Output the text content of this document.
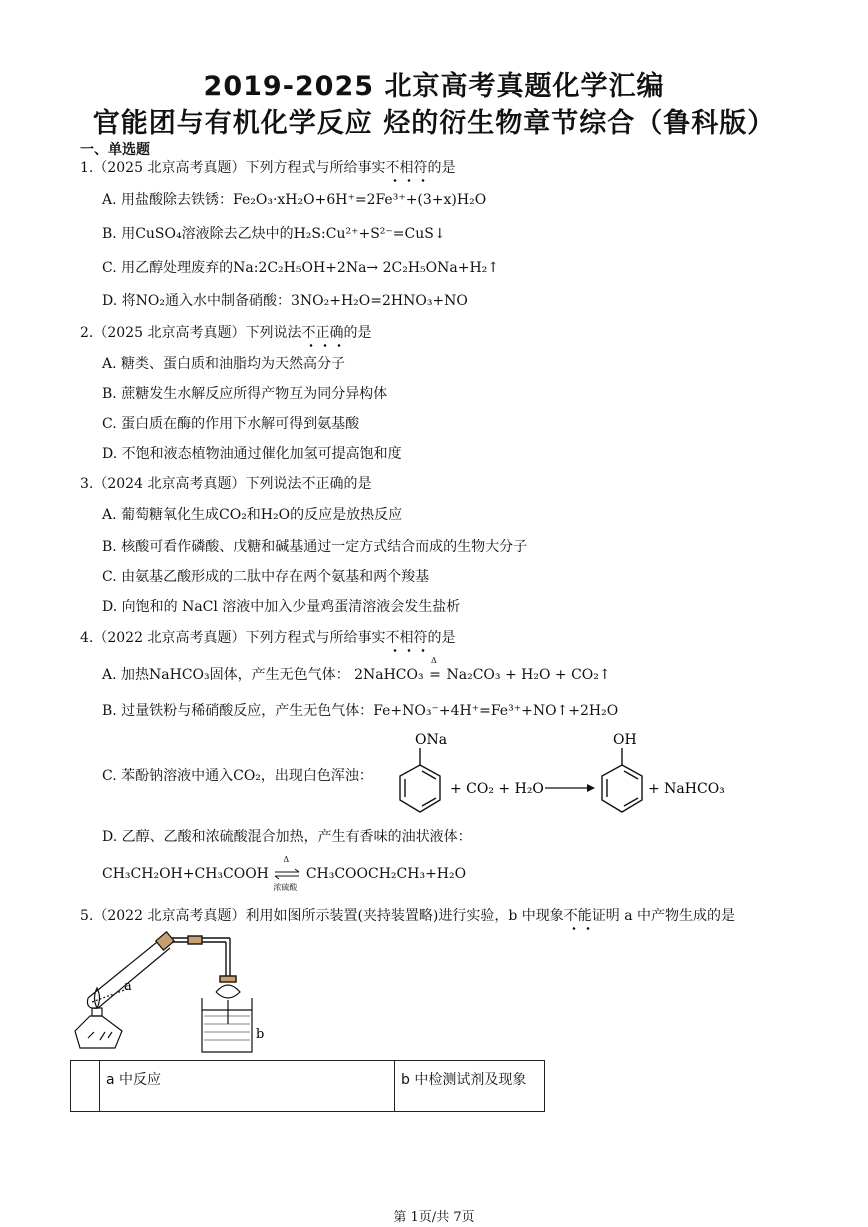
2019-2025 北京高考真题化学汇编
官能团与有机化学反应 烃的衍生物章节综合（鲁科版）
一、单选题
1.（2025 北京高考真题）下列方程式与所给事实不相符的是
A. 用盐酸除去铁锈：Fe₂O₃·xH₂O+6H⁺=2Fe³⁺+(3+x)H₂O
B. 用CuSO₄溶液除去乙炔中的H₂S:Cu²⁺+S²⁻=CuS↓
C. 用乙醇处理废弃的Na:2C₂H₅OH+2Na→ 2C₂H₅ONa+H₂↑
D. 将NO₂通入水中制备硝酸：3NO₂+H₂O=2HNO₃+NO
2.（2025 北京高考真题）下列说法不正确的是
A. 糖类、蛋白质和油脂均为天然高分子
B. 蔗糖发生水解反应所得产物互为同分异构体
C. 蛋白质在酶的作用下水解可得到氨基酸
D. 不饱和液态植物油通过催化加氢可提高饱和度
3.（2024 北京高考真题）下列说法不正确的是
A. 葡萄糖氧化生成CO₂和H₂O的反应是放热反应
B. 核酸可看作磷酸、戊糖和碱基通过一定方式结合而成的生物大分子
C. 由氨基乙酸形成的二肽中存在两个氨基和两个羧基
D. 向饱和的 NaCl 溶液中加入少量鸡蛋清溶液会发生盐析
4.（2022 北京高考真题）下列方程式与所给事实不相符的是
A. 加热NaHCO₃固体，产生无色气体： 2NaHCO₃
Δ
= Na₂CO₃ + H₂O + CO₂↑
B. 过量铁粉与稀硝酸反应，产生无色气体：Fe+NO₃⁻+4H⁺=Fe³⁺+NO↑+2H₂O
C. 苯酚钠溶液中通入CO₂，出现白色浑浊：
ONa
+ CO₂ + H₂O
OH
+ NaHCO₃
D. 乙醇、乙酸和浓硫酸混合加热，产生有香味的油状液体：
CH₃CH₂OH+CH₃COOH
Δ
浓硫酸
CH₃COOCH₂CH₃+H₂O
5.（2022 北京高考真题）利用如图所示装置(夹持装置略)进行实验，b 中现象不能证明 a 中产物生成的是
a
b
	a 中反应	b 中检测试剂及现象
第 1页/共 7页
